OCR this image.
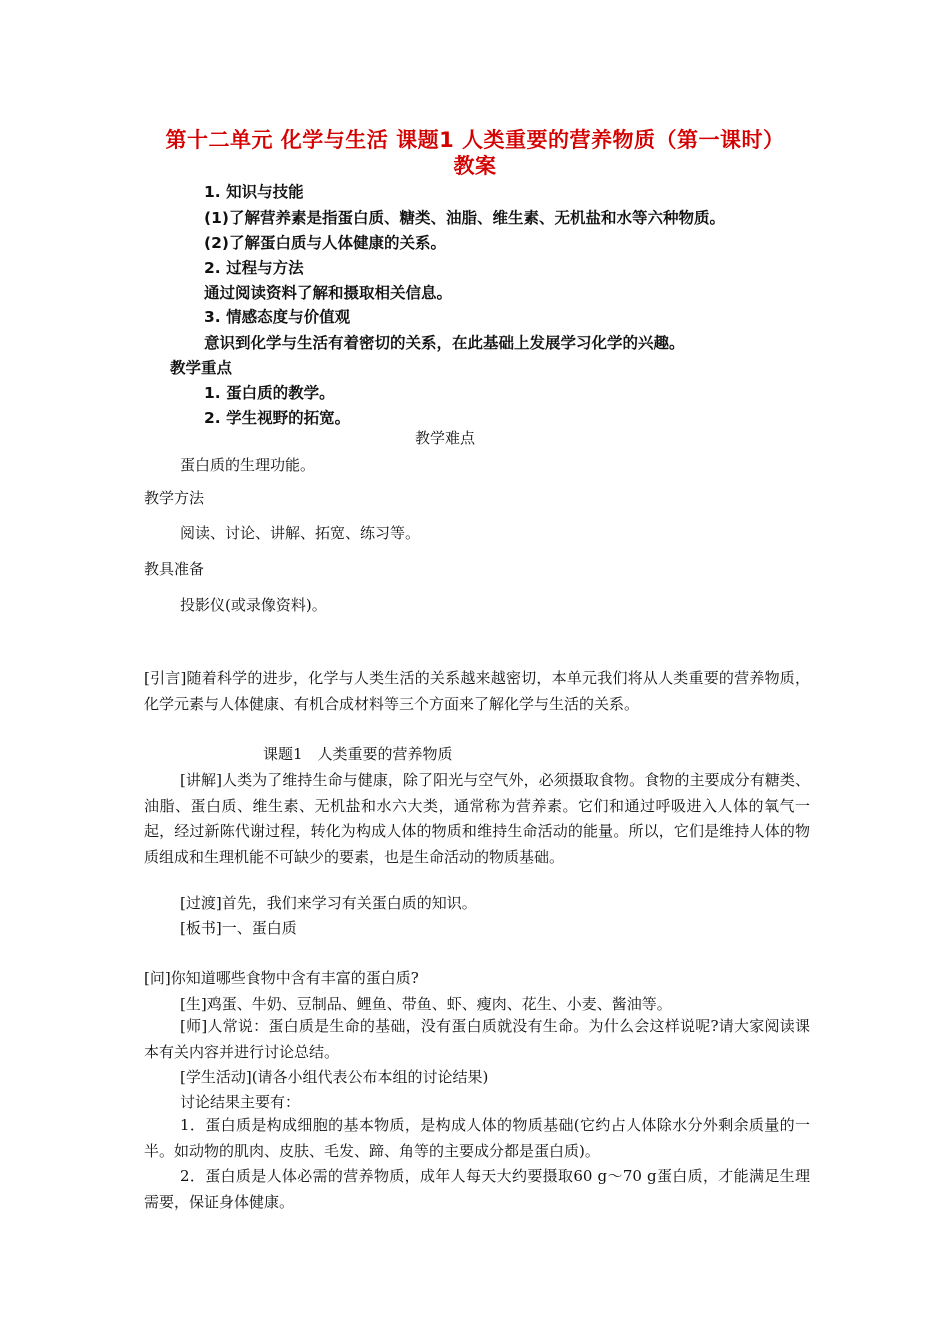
第十二单元 化学与生活 课题1 人类重要的营养物质（第一课时）
教案
1. 知识与技能
(1)了解营养素是指蛋白质、糖类、油脂、维生素、无机盐和水等六种物质。
(2)了解蛋白质与人体健康的关系。
2. 过程与方法
通过阅读资料了解和摄取相关信息。
3. 情感态度与价值观
意识到化学与生活有着密切的关系，在此基础上发展学习化学的兴趣。
教学重点
1. 蛋白质的教学。
2. 学生视野的拓宽。
教学难点
蛋白质的生理功能。
教学方法
阅读、讨论、讲解、拓宽、练习等。
教具准备
投影仪(或录像资料)。
[引言]随着科学的进步，化学与人类生活的关系越来越密切，本单元我们将从人类重要的营养物质，化学元素与人体健康、有机合成材料等三个方面来了解化学与生活的关系。
课题1　人类重要的营养物质
[讲解]人类为了维持生命与健康，除了阳光与空气外，必须摄取食物。食物的主要成分有糖类、油脂、蛋白质、维生素、无机盐和水六大类，通常称为营养素。它们和通过呼吸进入人体的氧气一起，经过新陈代谢过程，转化为构成人体的物质和维持生命活动的能量。所以，它们是维持人体的物质组成和生理机能不可缺少的要素，也是生命活动的物质基础。
[过渡]首先，我们来学习有关蛋白质的知识。
[板书]一、蛋白质
[问]你知道哪些食物中含有丰富的蛋白质?
[生]鸡蛋、牛奶、豆制品、鲤鱼、带鱼、虾、瘦肉、花生、小麦、酱油等。
[师]人常说：蛋白质是生命的基础，没有蛋白质就没有生命。为什么会这样说呢?请大家阅读课本有关内容并进行讨论总结。
[学生活动](请各小组代表公布本组的讨论结果)
讨论结果主要有：
1．蛋白质是构成细胞的基本物质，是构成人体的物质基础(它约占人体除水分外剩余质量的一半。如动物的肌肉、皮肤、毛发、蹄、角等的主要成分都是蛋白质)。
2．蛋白质是人体必需的营养物质，成年人每天大约要摄取60 g～70 g蛋白质，才能满足生理需要，保证身体健康。
